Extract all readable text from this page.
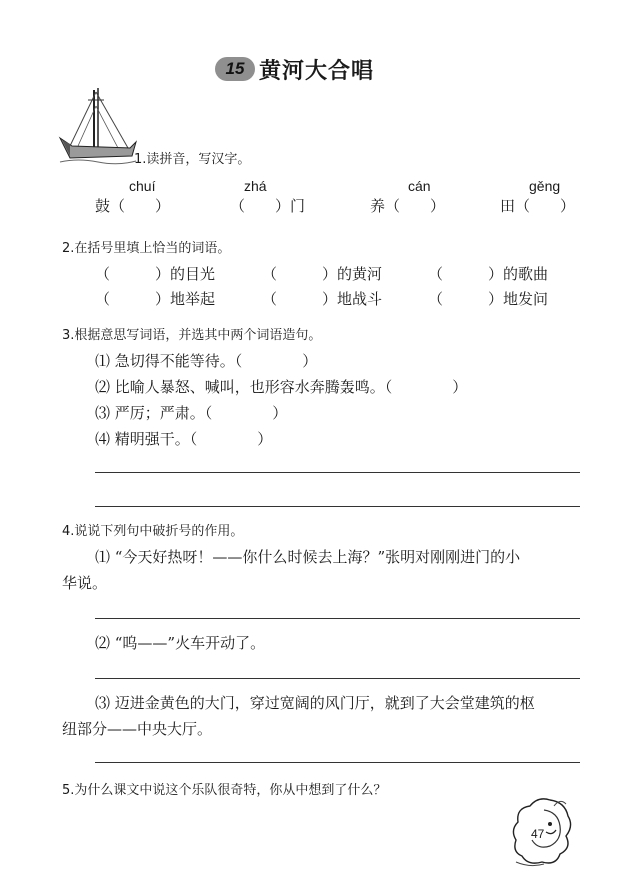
15 黄河大合唱
1.读拼音，写汉字。
chuí	zhá	cán	gěng
鼓（　　）	（　　）门	养（　　）	田（　　）
2.在括号里填上恰当的词语。
（　　　）的目光	（　　　）的黄河	（　　　）的歌曲
（　　　）地举起	（　　　）地战斗	（　　　）地发问
3.根据意思写词语，并选其中两个词语造句。
⑴ 急切得不能等待。（　　　　）
⑵ 比喻人暴怒、喊叫，也形容水奔腾轰鸣。（　　　　）
⑶ 严厉；严肃。（　　　　）
⑷ 精明强干。（　　　　）
4.说说下列句中破折号的作用。
⑴ “今天好热呀！——你什么时候去上海？”张明对刚刚进门的小
华说。
⑵ “呜——”火车开动了。
⑶ 迈进金黄色的大门，穿过宽阔的风门厅，就到了大会堂建筑的枢
纽部分——中央大厅。
5.为什么课文中说这个乐队很奇特，你从中想到了什么？
47
